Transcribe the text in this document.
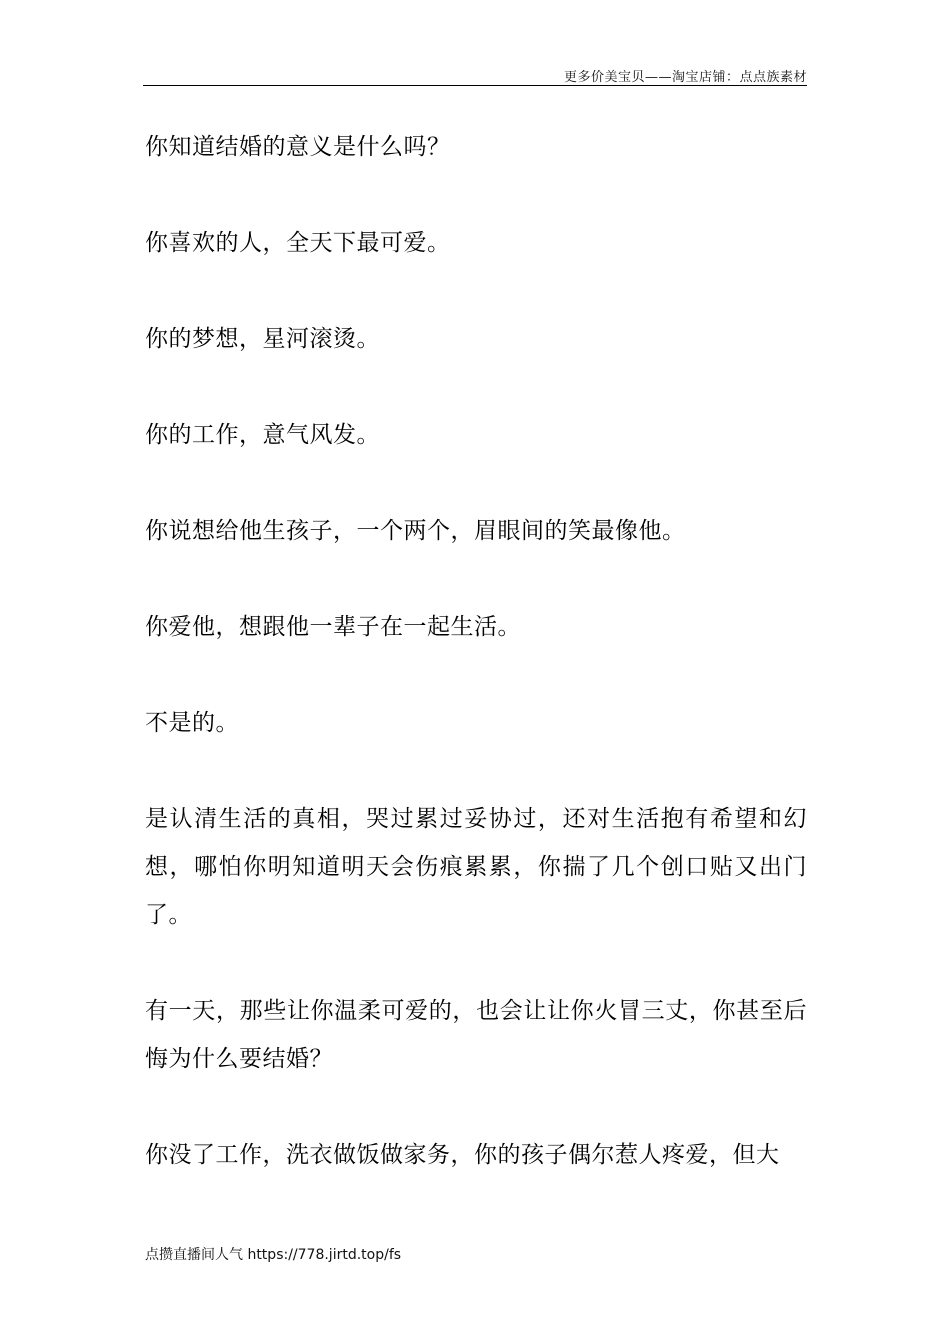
更多价美宝贝——淘宝店铺：点点族素材

你知道结婚的意义是什么吗？

你喜欢的人，全天下最可爱。

你的梦想，星河滚烫。

你的工作，意气风发。

你说想给他生孩子，一个两个，眉眼间的笑最像他。

你爱他，想跟他一辈子在一起生活。

不是的。

是认清生活的真相，哭过累过妥协过，还对生活抱有希望和幻想，哪怕你明知道明天会伤痕累累，你揣了几个创口贴又出门了。

有一天，那些让你温柔可爱的，也会让让你火冒三丈，你甚至后悔为什么要结婚？

你没了工作，洗衣做饭做家务，你的孩子偶尔惹人疼爱，但大

点攒直播间人气 https://778.jirtd.top/fs
